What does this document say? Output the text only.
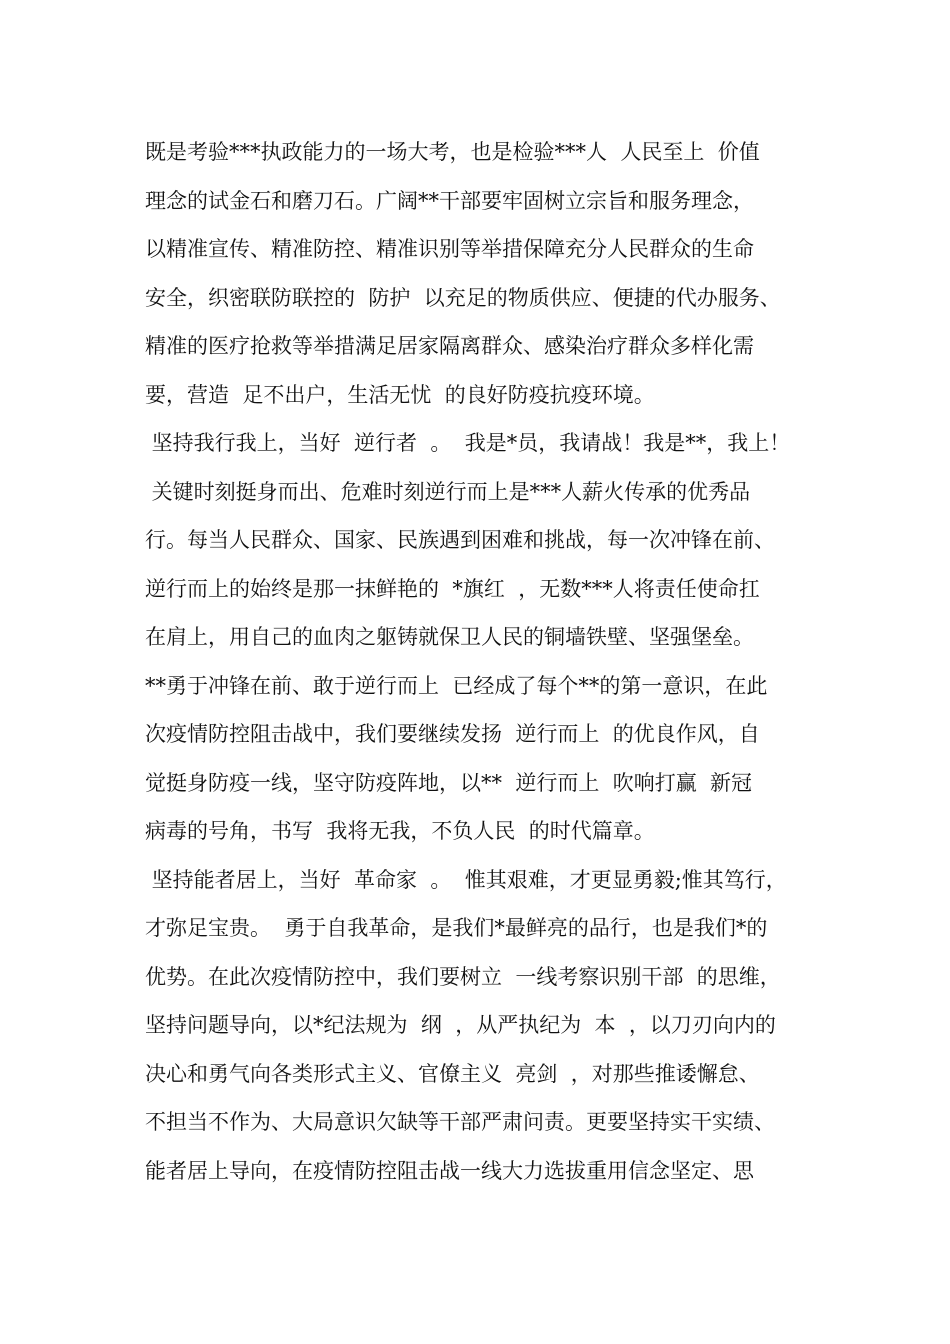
既是考验***执政能力的一场大考，也是检验***人  人民至上  价值
理念的试金石和磨刀石。广阔**干部要牢固树立宗旨和服务理念，
以精准宣传、精准防控、精准识别等举措保障充分人民群众的生命
安全，织密联防联控的  防护  以充足的物质供应、便捷的代办服务、
精准的医疗抢救等举措满足居家隔离群众、感染治疗群众多样化需
要，营造  足不出户，生活无忧  的良好防疫抗疫环境。
坚持我行我上，当好  逆行者  。  我是*员，我请战！我是**，我上！
关键时刻挺身而出、危难时刻逆行而上是***人薪火传承的优秀品
行。每当人民群众、国家、民族遇到困难和挑战，每一次冲锋在前、
逆行而上的始终是那一抹鲜艳的  *旗红  ，无数***人将责任使命扛
在肩上，用自己的血肉之躯铸就保卫人民的铜墙铁壁、坚强堡垒。
**勇于冲锋在前、敢于逆行而上  已经成了每个**的第一意识，在此
次疫情防控阻击战中，我们要继续发扬  逆行而上  的优良作风，自
觉挺身防疫一线，坚守防疫阵地，以**  逆行而上  吹响打赢  新冠
病毒的号角，书写  我将无我，不负人民  的时代篇章。
坚持能者居上，当好  革命家  。  惟其艰难，才更显勇毅;惟其笃行，
才弥足宝贵。  勇于自我革命，是我们*最鲜亮的品行，也是我们*的
优势。在此次疫情防控中，我们要树立  一线考察识别干部  的思维，
坚持问题导向，以*纪法规为  纲  ，从严执纪为  本  ，以刀刃向内的
决心和勇气向各类形式主义、官僚主义  亮剑  ，对那些推诿懈怠、
不担当不作为、大局意识欠缺等干部严肃问责。更要坚持实干实绩、
能者居上导向，在疫情防控阻击战一线大力选拔重用信念坚定、思
